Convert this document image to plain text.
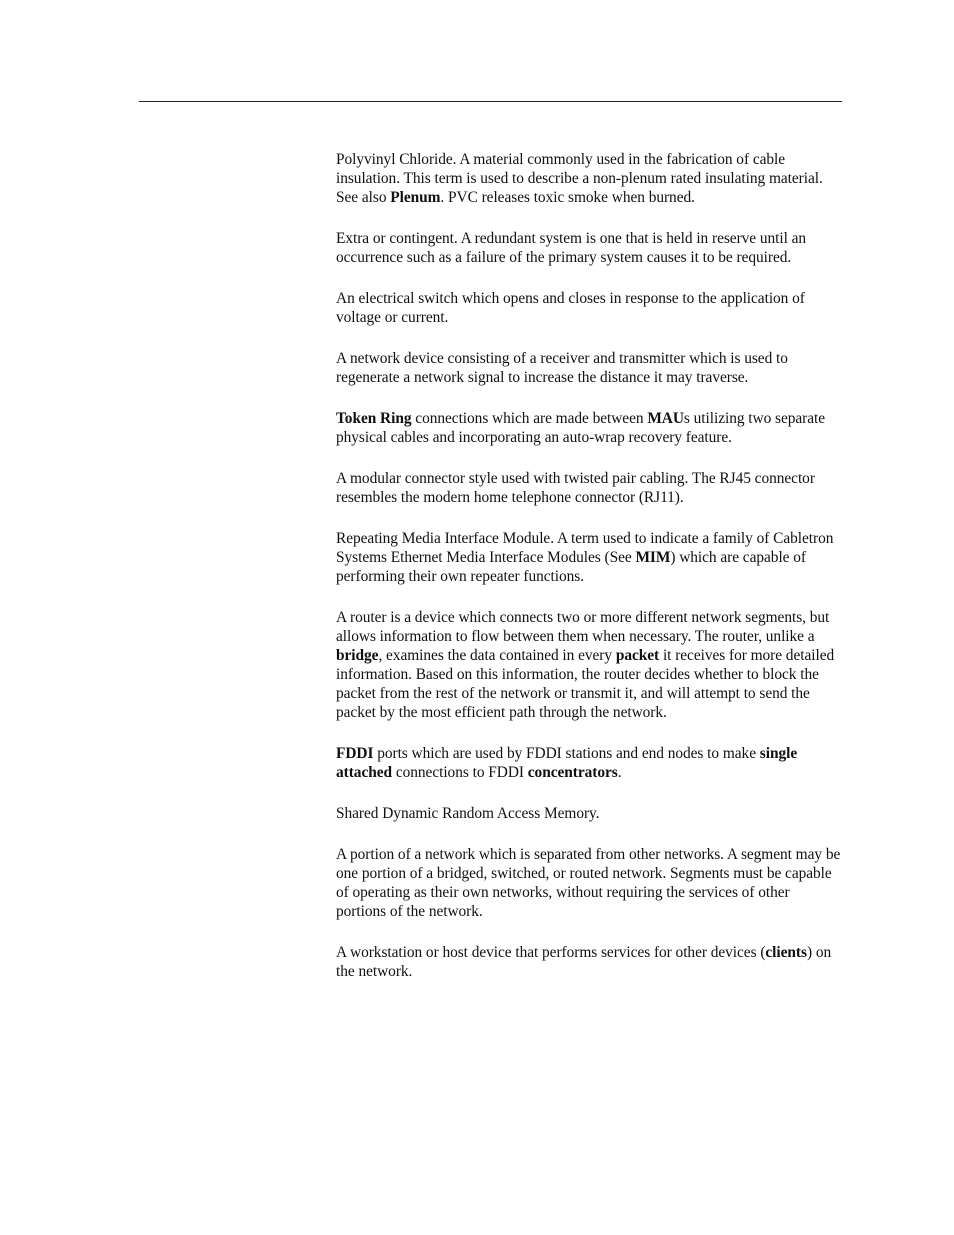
Polyvinyl Chloride. A material commonly used in the fabrication of cable insulation. This term is used to describe a non-plenum rated insulating material. See also Plenum. PVC releases toxic smoke when burned.

Extra or contingent. A redundant system is one that is held in reserve until an occurrence such as a failure of the primary system causes it to be required.

An electrical switch which opens and closes in response to the application of voltage or current.

A network device consisting of a receiver and transmitter which is used to regenerate a network signal to increase the distance it may traverse.

Token Ring connections which are made between MAUs utilizing two separate physical cables and incorporating an auto-wrap recovery feature.

A modular connector style used with twisted pair cabling. The RJ45 connector resembles the modern home telephone connector (RJ11).

Repeating Media Interface Module. A term used to indicate a family of Cabletron Systems Ethernet Media Interface Modules (See MIM) which are capable of performing their own repeater functions.

A router is a device which connects two or more different network segments, but allows information to flow between them when necessary. The router, unlike a bridge, examines the data contained in every packet it receives for more detailed information. Based on this information, the router decides whether to block the packet from the rest of the network or transmit it, and will attempt to send the packet by the most efficient path through the network.

FDDI ports which are used by FDDI stations and end nodes to make single attached connections to FDDI concentrators.

Shared Dynamic Random Access Memory.

A portion of a network which is separated from other networks. A segment may be one portion of a bridged, switched, or routed network. Segments must be capable of operating as their own networks, without requiring the services of other portions of the network.

A workstation or host device that performs services for other devices (clients) on the network.
